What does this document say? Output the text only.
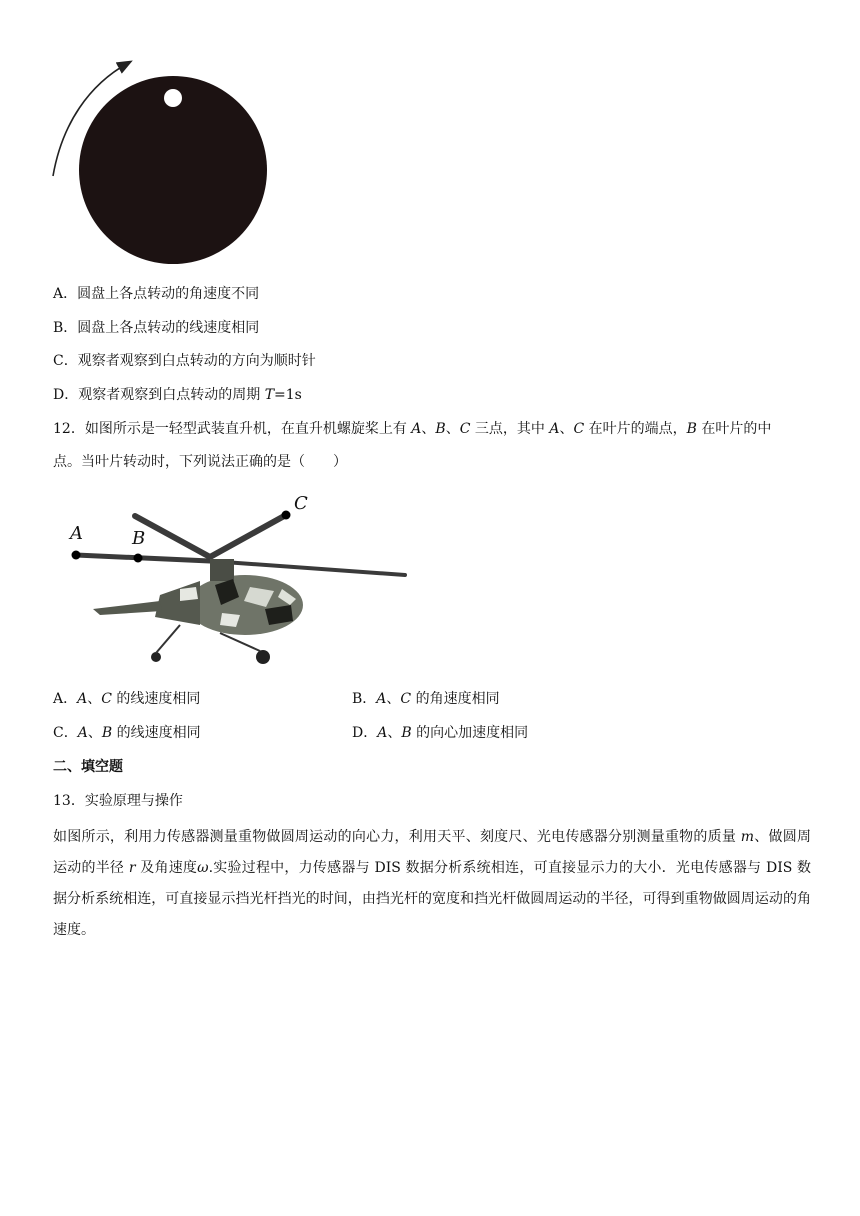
A．圆盘上各点转动的角速度不同
B．圆盘上各点转动的线速度相同
C．观察者观察到白点转动的方向为顺时针
D．观察者观察到白点转动的周期 T=1s
12．如图所示是一轻型武装直升机，在直升机螺旋桨上有 A、B、C 三点，其中 A、C 在叶片的端点，B 在叶片的中
点。当叶片转动时，下列说法正确的是（　　）
A	B
C
A．A、C 的线速度相同	B．A、C 的角速度相同
C．A、B 的线速度相同	D．A、B 的向心加速度相同
二、填空题
13．实验原理与操作
如图所示，利用力传感器测量重物做圆周运动的向心力，利用天平、刻度尺、光电传感器分别测量重物的质量 m、做圆周运动的半径 r 及角速度ω.实验过程中，力传感器与 DIS 数据分析系统相连，可直接显示力的大小．光电传感器与 DIS 数据分析系统相连，可直接显示挡光杆挡光的时间，由挡光杆的宽度和挡光杆做圆周运动的半径，可得到重物做圆周运动的角速度。
